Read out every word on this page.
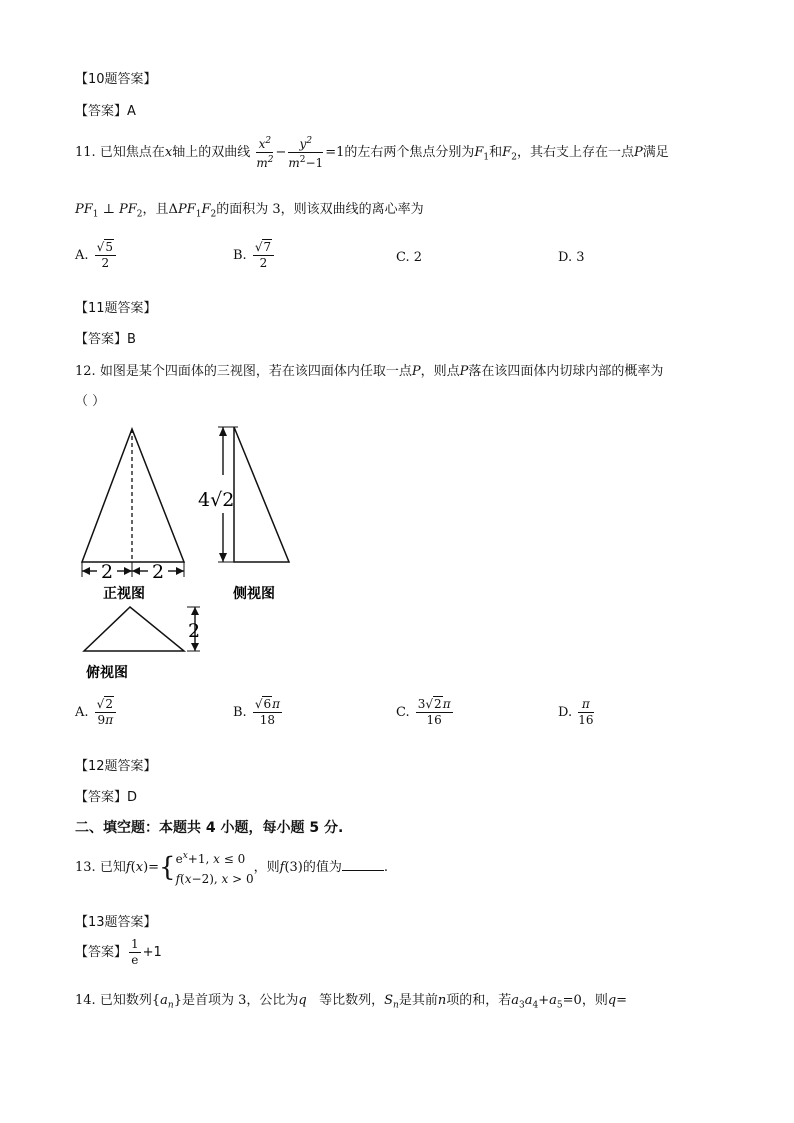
【10题答案】
【答案】A
11. 已知焦点在x轴上的双曲线 $\frac{x^2}{m^2} - \frac{y^2}{m^2-1} =1$的左右两个焦点分别为$F_1$和$F_2$，其右支上存在一点P满足
$PF_1$ ⊥ $PF_2$，且$\Delta PF_1F_2$的面积为 3，则该双曲线的离心率为
A. $\frac{√5}{2}$	B. $\frac{√7}{2}$	C. 2	D. 3
【11题答案】
【答案】B
12. 如图是某个四面体的三视图，若在该四面体内任取一点P，则点P落在该四面体内切球内部的概率为
（ ）
2 2
正视图
4√2
侧视图
2
俯视图
A. $\frac{√2}{9\pi}$	B. $\frac{√6\pi}{18}$	C. $\frac{3√2\pi}{16}$	D. $\frac{\pi}{16}$
【12题答案】
【答案】D
二、填空题：本题共 4 小题，每小题 5 分.
13. 已知$f(x)=\{e^x+1$, x ≤ 0
f(x−2), x > 0，则f(3)的值为	.
【13题答案】
【答案】 $\frac{1}{e} +1$
14. 已知数列$\{a_n\}$是首项为 3，公比为q 等比数列，$S_n$是其前n项的和，若$a_3a_4+a_5=0$，则q=
